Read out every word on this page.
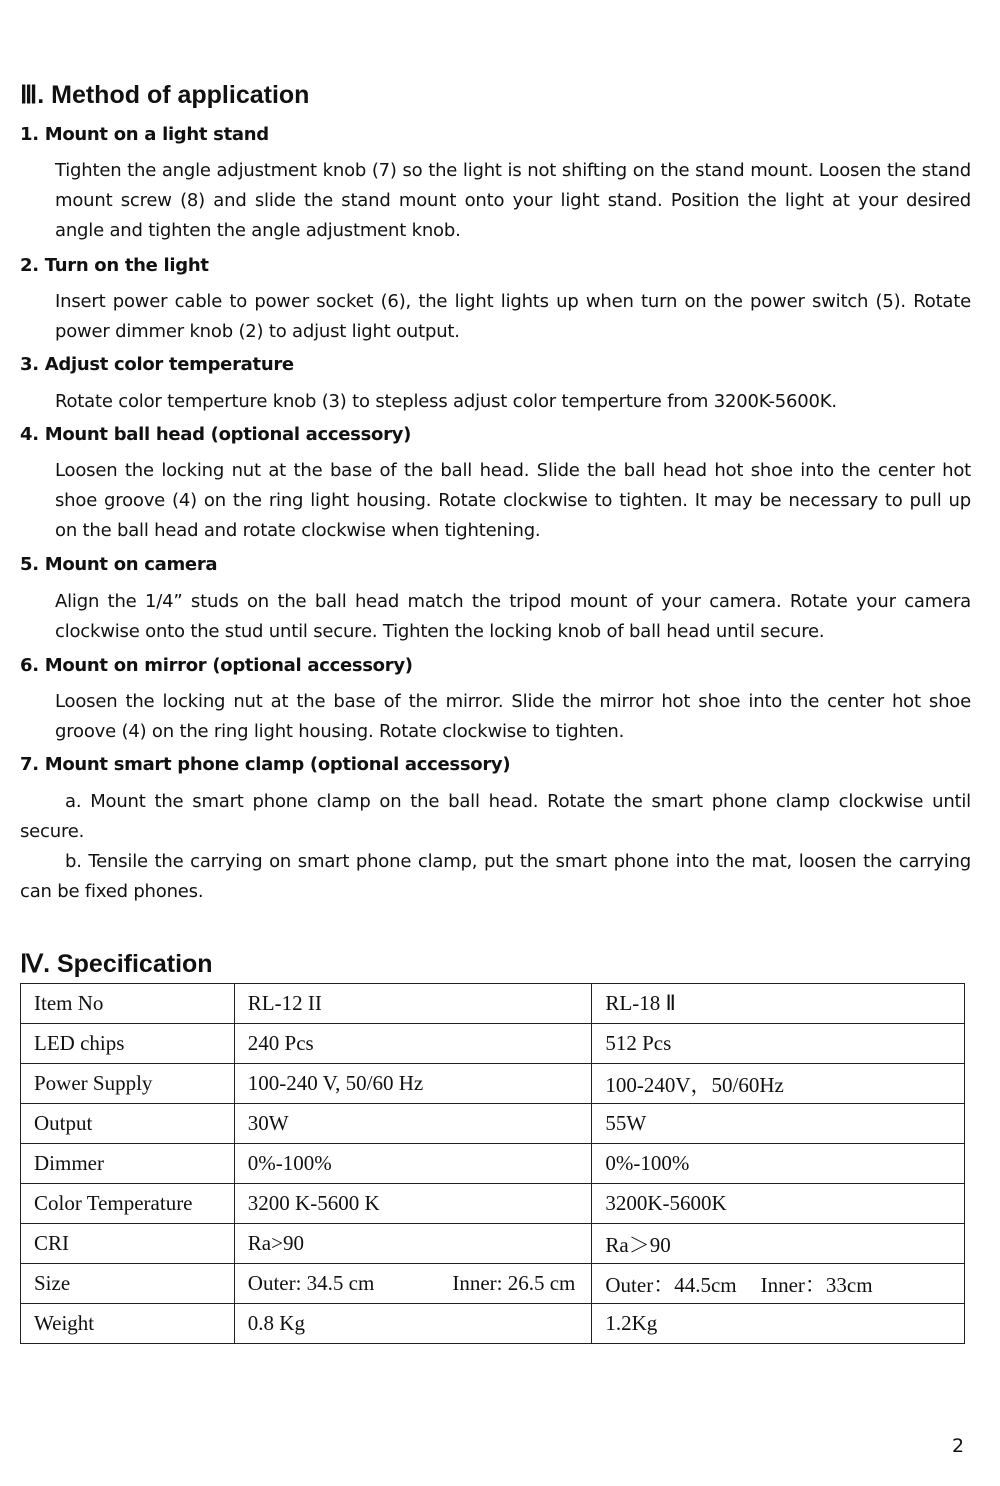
Ⅲ. Method of application
1. Mount on a light stand

Tighten the angle adjustment knob (7) so the light is not shifting on the stand mount. Loosen the stand mount screw (8) and slide the stand mount onto your light stand. Position the light at your desired angle and tighten the angle adjustment knob.

2. Turn on the light

Insert power cable to power socket (6), the light lights up when turn on the power switch (5). Rotate power dimmer knob (2) to adjust light output.

3. Adjust color temperature

Rotate color temperture knob (3) to stepless adjust color temperture from 3200K-5600K.

4. Mount ball head (optional accessory)

Loosen the locking nut at the base of the ball head. Slide the ball head hot shoe into the center hot shoe groove (4) on the ring light housing. Rotate clockwise to tighten. It may be necessary to pull up on the ball head and rotate clockwise when tightening.

5. Mount on camera

Align the 1/4” studs on the ball head match the tripod mount of your camera. Rotate your camera clockwise onto the stud until secure. Tighten the locking knob of ball head until secure.

6. Mount on mirror (optional accessory)

Loosen the locking nut at the base of the mirror. Slide the mirror hot shoe into the center hot shoe groove (4) on the ring light housing. Rotate clockwise to tighten.

7. Mount smart phone clamp (optional accessory)

a. Mount the smart phone clamp on the ball head. Rotate the smart phone clamp clockwise until secure.

b. Tensile the carrying on smart phone clamp, put the smart phone into the mat, loosen the carrying can be fixed phones.

Ⅳ. Specification
Item No	RL-12 II	RL-18 Ⅱ
LED chips	240 Pcs	512 Pcs
Power Supply	100-240 V, 50/60 Hz	100-240V，50/60Hz
Output	30W	55W
Dimmer	0%-100%	0%-100%
Color Temperature	3200 K-5600 K	3200K-5600K
CRI	Ra>90	Ra＞90
Size	Outer: 34.5 cm Inner: 26.5 cm	Outer：44.5cm Inner：33cm

Weight	0.8 Kg	1.2Kg
2
